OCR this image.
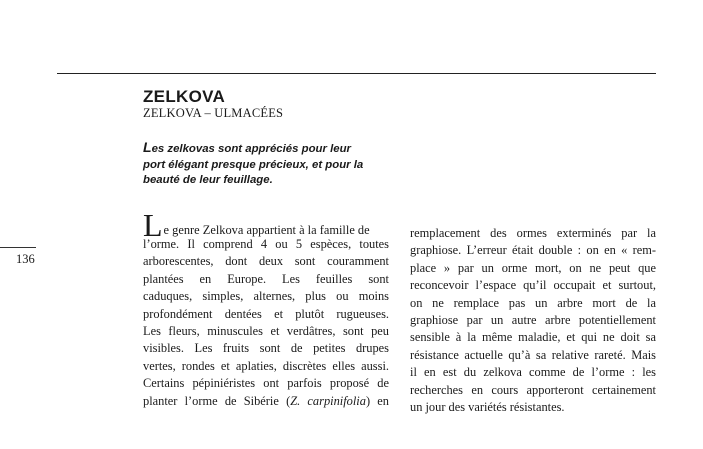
ZELKOVA
ZELKOVA – ULMACÉES
Les zelkovas sont appréciés pour leur
port élégant presque précieux, et pour la
beauté de leur feuillage.
136
Le genre Zelkova appartient à la famille de
l’orme. Il comprend 4 ou 5 espèces, toutes
arborescentes, dont deux sont couramment
plantées en Europe. Les feuilles sont
caduques, simples, alternes, plus ou moins
profondément dentées et plutôt rugueuses.
Les fleurs, minuscules et verdâtres, sont peu
visibles. Les fruits sont de petites drupes
vertes, rondes et aplaties, discrètes elles aussi.
Certains pépiniéristes ont parfois proposé de
planter l’orme de Sibérie (Z. carpinifolia) en
remplacement des ormes exterminés par la
graphiose. L’erreur était double : on en « rem-
place » par un orme mort, on ne peut que
reconcevoir l’espace qu’il occupait et surtout,
on ne remplace pas un arbre mort de la
graphiose par un autre arbre potentiellement
sensible à la même maladie, et qui ne doit sa
résistance actuelle qu’à sa relative rareté. Mais
il en est du zelkova comme de l’orme : les
recherches en cours apporteront certainement
un jour des variétés résistantes.
